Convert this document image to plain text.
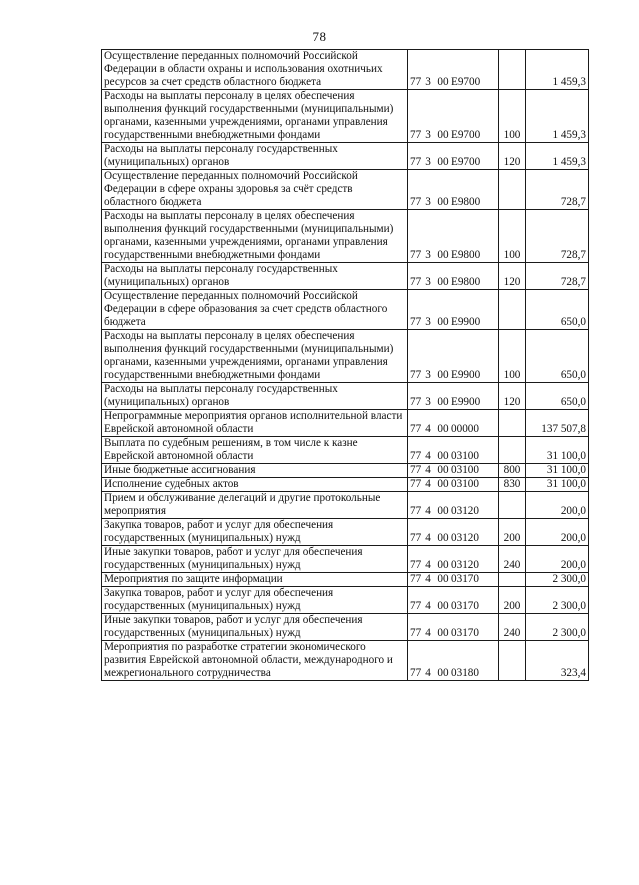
78
Осуществление переданных полномочий Российской Федерации в области охраны и использования охотничьих ресурсов за счет средств областного бюджета	77 3 00 Е9700		1 459,3
Расходы на выплаты персоналу в целях обеспечения выполнения функций государственными (муниципальными) органами, казенными учреждениями, органами управления государственными внебюджетными фондами	77 3 00 Е9700	100	1 459,3
Расходы на выплаты персоналу государственных (муниципальных) органов	77 3 00 Е9700	120	1 459,3
Осуществление переданных полномочий Российской Федерации в сфере охраны здоровья за счёт средств областного бюджета	77 3 00 Е9800		728,7
Расходы на выплаты персоналу в целях обеспечения выполнения функций государственными (муниципальными) органами, казенными учреждениями, органами управления государственными внебюджетными фондами	77 3 00 Е9800	100	728,7
Расходы на выплаты персоналу государственных (муниципальных) органов	77 3 00 Е9800	120	728,7
Осуществление переданных полномочий Российской Федерации в сфере образования за счет средств областного бюджета	77 3 00 Е9900		650,0
Расходы на выплаты персоналу в целях обеспечения выполнения функций государственными (муниципальными) органами, казенными учреждениями, органами управления государственными внебюджетными фондами	77 3 00 Е9900	100	650,0
Расходы на выплаты персоналу государственных (муниципальных) органов	77 3 00 Е9900	120	650,0
Непрограммные мероприятия органов исполнительной власти Еврейской автономной области	77 4 00 00000		137 507,8
Выплата по судебным решениям, в том числе к казне Еврейской автономной области	77 4 00 03100		31 100,0
Иные бюджетные ассигнования	77 4 00 03100	800	31 100,0
Исполнение судебных актов	77 4 00 03100	830	31 100,0
Прием и обслуживание делегаций и другие протокольные мероприятия	77 4 00 03120		200,0
Закупка товаров, работ и услуг для обеспечения государственных (муниципальных) нужд	77 4 00 03120	200	200,0
Иные закупки товаров, работ и услуг для обеспечения государственных (муниципальных) нужд	77 4 00 03120	240	200,0
Мероприятия по защите информации	77 4 00 03170		2 300,0
Закупка товаров, работ и услуг для обеспечения государственных (муниципальных) нужд	77 4 00 03170	200	2 300,0
Иные закупки товаров, работ и услуг для обеспечения государственных (муниципальных) нужд	77 4 00 03170	240	2 300,0
Мероприятия по разработке стратегии экономического развития Еврейской автономной области, международного и межрегионального сотрудничества	77 4 00 03180		323,4
